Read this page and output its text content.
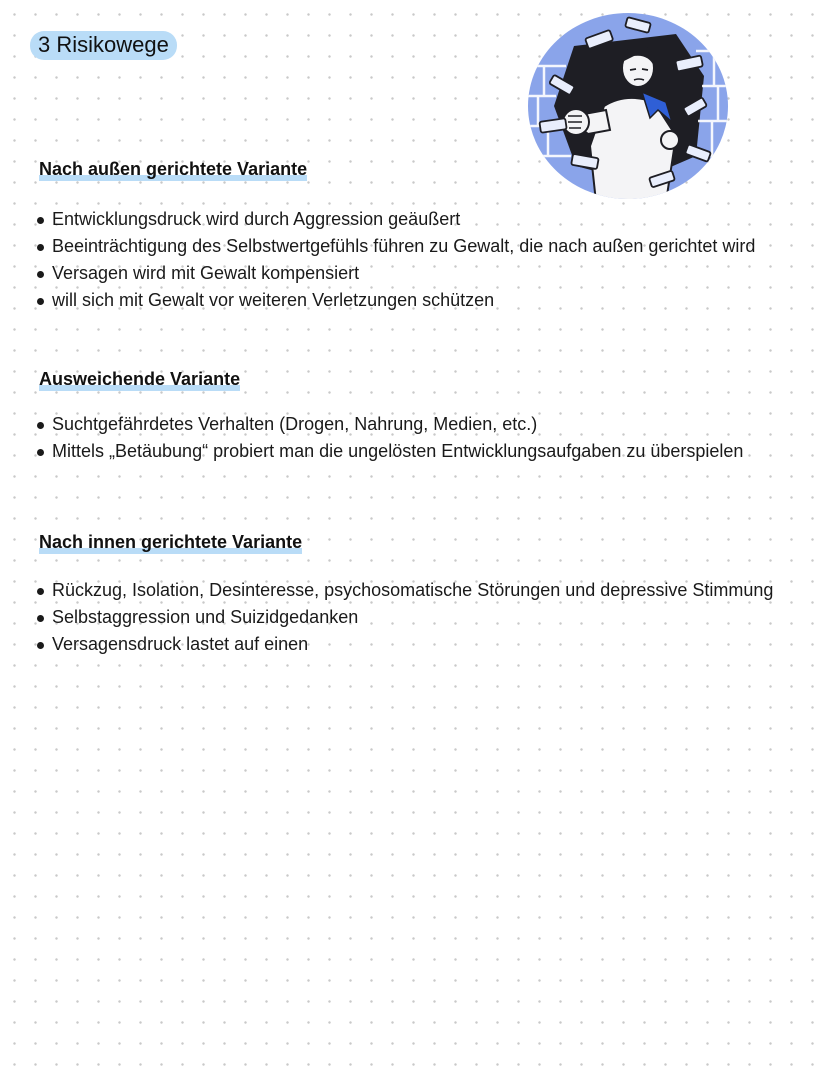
3 Risikowege
Nach außen gerichtete Variante
Entwicklungsdruck wird durch Aggression geäußert
Beeinträchtigung des Selbstwertgefühls führen zu Gewalt, die nach außen gerichtet wird
Versagen wird mit Gewalt kompensiert
will sich mit Gewalt vor weiteren Verletzungen schützen
Ausweichende Variante
Suchtgefährdetes Verhalten (Drogen, Nahrung, Medien, etc.)
Mittels „Betäubung“ probiert man die ungelösten Entwicklungsaufgaben zu überspielen
Nach innen gerichtete Variante
Rückzug, Isolation, Desinteresse, psychosomatische Störungen und depressive Stimmung
Selbstaggression und Suizidgedanken
Versagensdruck lastet auf einen
